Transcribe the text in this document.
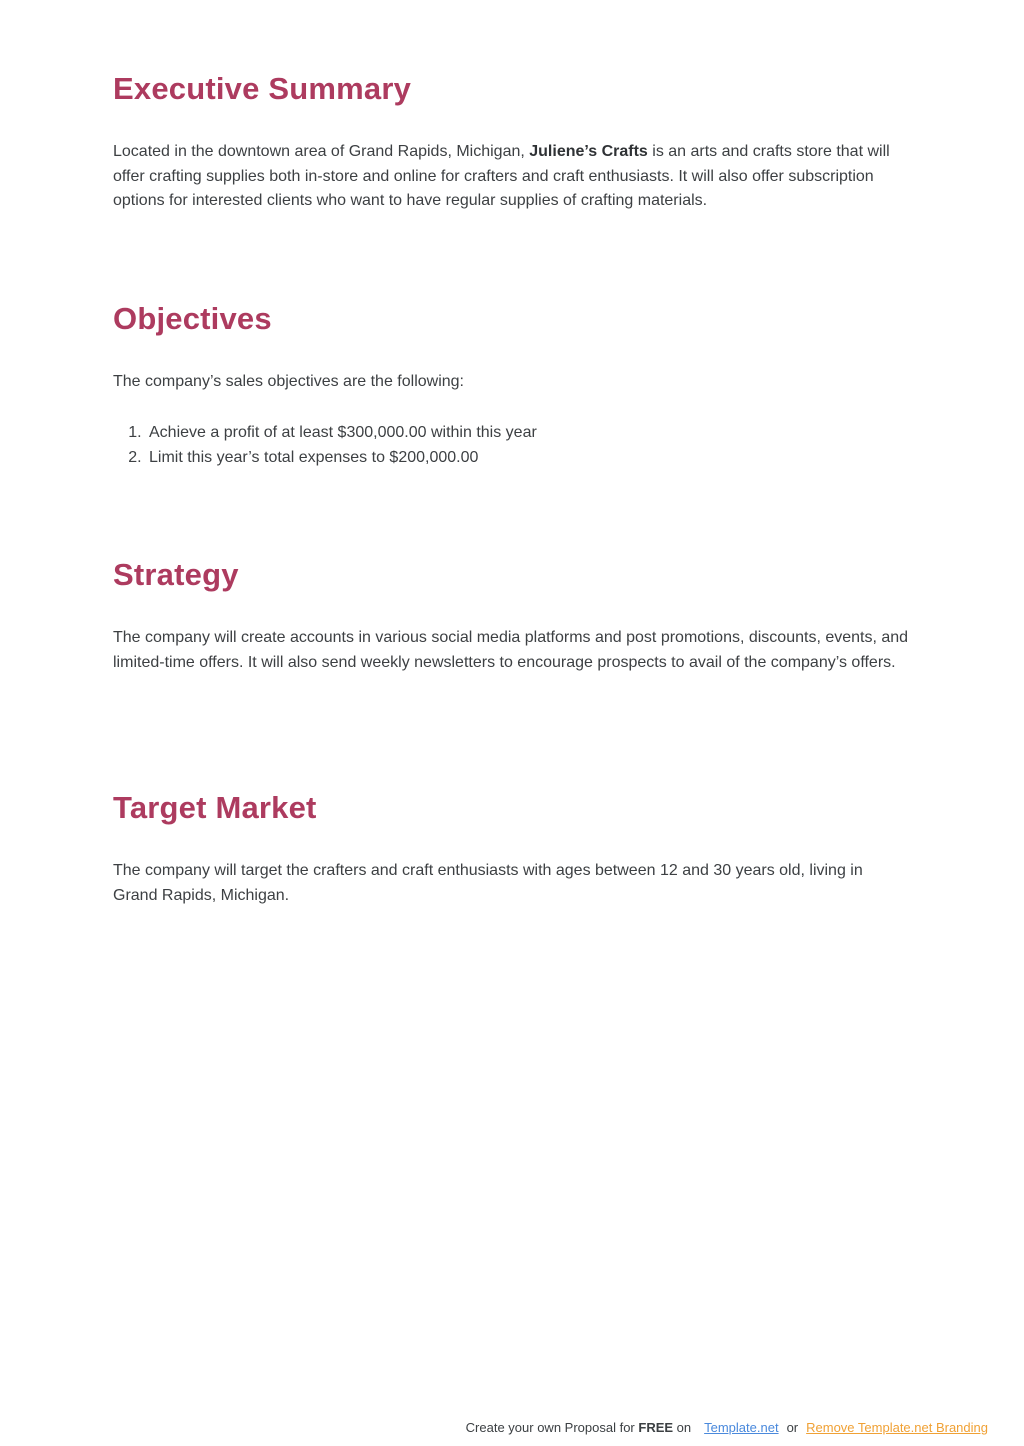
Executive Summary

Located in the downtown area of Grand Rapids, Michigan, Juliene’s Crafts is an arts and crafts store that will offer crafting supplies both in-store and online for crafters and craft enthusiasts. It will also offer subscription options for interested clients who want to have regular supplies of crafting materials.

Objectives

The company’s sales objectives are the following:

1. Achieve a profit of at least $300,000.00 within this year
2. Limit this year’s total expenses to $200,000.00
Strategy

The company will create accounts in various social media platforms and post promotions, discounts, events, and limited-time offers. It will also send weekly newsletters to encourage prospects to avail of the company’s offers.

Target Market

The company will target the crafters and craft enthusiasts with ages between 12 and 30 years old, living in Grand Rapids, Michigan.

Create your own Proposal for FREE on Template.net or Remove Template.net Branding
